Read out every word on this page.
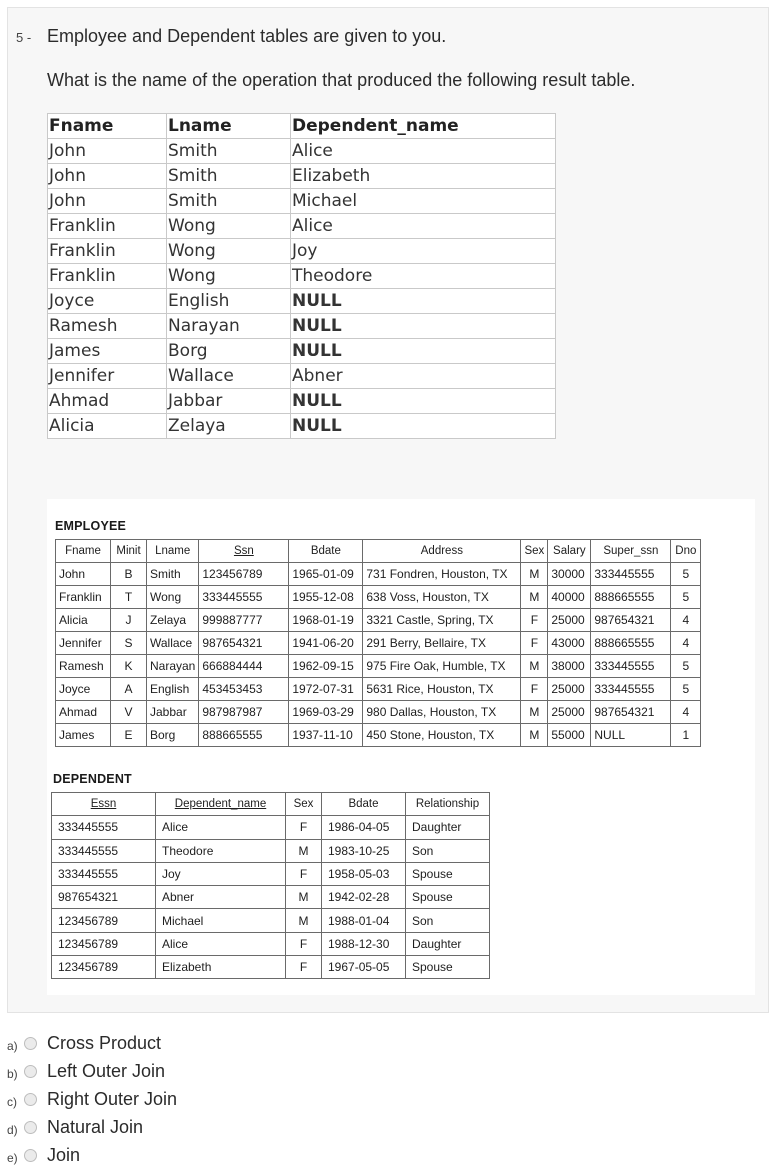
5 - Employee and Dependent tables are given to you.
What is the name of the operation that produced the following result table.
Fname	Lname	Dependent_name
John	Smith	Alice
John	Smith	Elizabeth
John	Smith	Michael
Franklin	Wong	Alice
Franklin	Wong	Joy
Franklin	Wong	Theodore
Joyce	English	NULL
Ramesh	Narayan	NULL
James	Borg	NULL
Jennifer	Wallace	Abner
Ahmad	Jabbar	NULL
Alicia	Zelaya	NULL
EMPLOYEE
Fname	Minit	Lname	Ssn	Bdate	Address	Sex	Salary	Super_ssn	Dno
John	B	Smith	123456789	1965-01-09	731 Fondren, Houston, TX	M	30000	333445555	5
Franklin	T	Wong	333445555	1955-12-08	638 Voss, Houston, TX	M	40000	888665555	5
Alicia	J	Zelaya	999887777	1968-01-19	3321 Castle, Spring, TX	F	25000	987654321	4
Jennifer	S	Wallace	987654321	1941-06-20	291 Berry, Bellaire, TX	F	43000	888665555	4
Ramesh	K	Narayan	666884444	1962-09-15	975 Fire Oak, Humble, TX	M	38000	333445555	5
Joyce	A	English	453453453	1972-07-31	5631 Rice, Houston, TX	F	25000	333445555	5
Ahmad	V	Jabbar	987987987	1969-03-29	980 Dallas, Houston, TX	M	25000	987654321	4
James	E	Borg	888665555	1937-11-10	450 Stone, Houston, TX	M	55000	NULL	1
DEPENDENT
Essn	Dependent_name	Sex	Bdate	Relationship
333445555	Alice	F	1986-04-05	Daughter
333445555	Theodore	M	1983-10-25	Son
333445555	Joy	F	1958-05-03	Spouse
987654321	Abner	M	1942-02-28	Spouse
123456789	Michael	M	1988-01-04	Son
123456789	Alice	F	1988-12-30	Daughter
123456789	Elizabeth	F	1967-05-05	Spouse
a) Cross Product
b) Left Outer Join
c) Right Outer Join
d) Natural Join
e) Join
